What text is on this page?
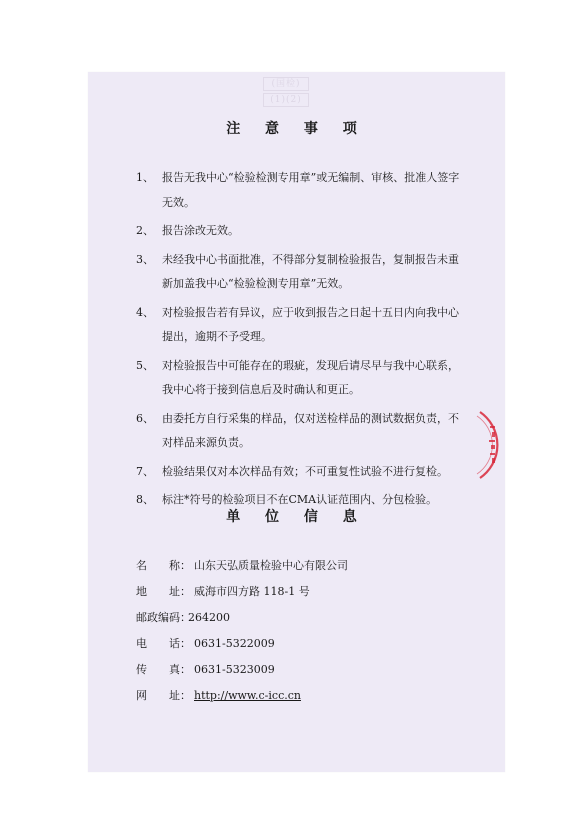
(国检)
(1)(2)
注 意 事 项
1、 报告无我中心“检验检测专用章”或无编制、审核、批准人签字无效。
2、 报告涂改无效。
3、 未经我中心书面批准，不得部分复制检验报告，复制报告未重新加盖我中心“检验检测专用章”无效。
4、 对检验报告若有异议，应于收到报告之日起十五日内向我中心提出，逾期不予受理。
5、 对检验报告中可能存在的瑕疵，发现后请尽早与我中心联系，我中心将于接到信息后及时确认和更正。
6、 由委托方自行采集的样品，仅对送检样品的测试数据负责，不对样品来源负责。
7、 检验结果仅对本次样品有效；不可重复性试验不进行复检。
8、 标注*符号的检验项目不在CMA认证范围内、分包检验。
单 位 信 息
名　　称： 山东天弘质量检验中心有限公司
地　　址： 威海市四方路 118-1 号
邮政编码：264200
电　　话： 0631-5322009
传　　真： 0631-5323009
网　　址： http://www.c-icc.cn
